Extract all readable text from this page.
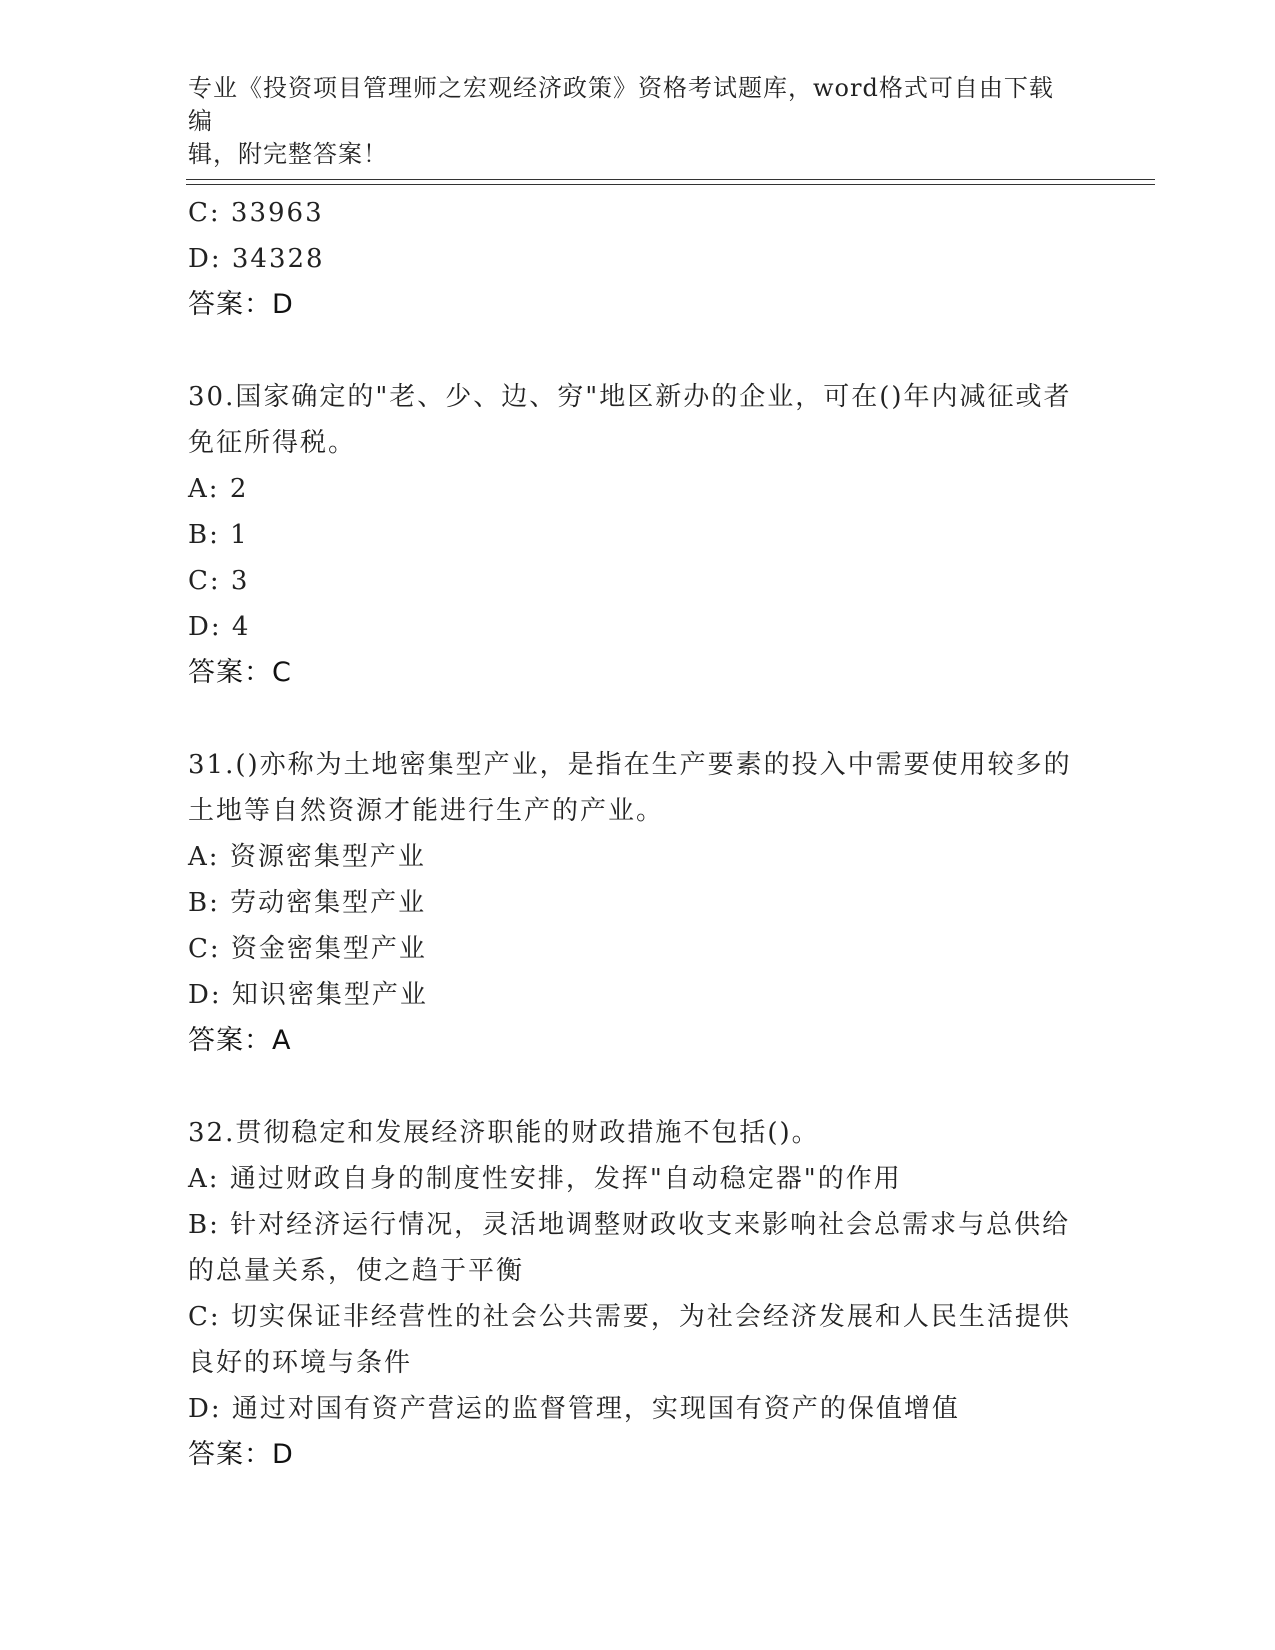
专业《投资项目管理师之宏观经济政策》资格考试题库，word格式可自由下载编
辑，附完整答案！
C: 33963
D: 34328
答案：D
30.国家确定的"老、少、边、穷"地区新办的企业，可在()年内减征或者免征所得税。
A: 2
B: 1
C: 3
D: 4
答案：C
31.()亦称为土地密集型产业，是指在生产要素的投入中需要使用较多的土地等自然资源才能进行生产的产业。
A: 资源密集型产业
B: 劳动密集型产业
C: 资金密集型产业
D: 知识密集型产业
答案：A
32.贯彻稳定和发展经济职能的财政措施不包括()。
A: 通过财政自身的制度性安排，发挥"自动稳定器"的作用
B: 针对经济运行情况，灵活地调整财政收支来影响社会总需求与总供给的总量关系，使之趋于平衡
C: 切实保证非经营性的社会公共需要，为社会经济发展和人民生活提供良好的环境与条件
D: 通过对国有资产营运的监督管理，实现国有资产的保值增值
答案：D
